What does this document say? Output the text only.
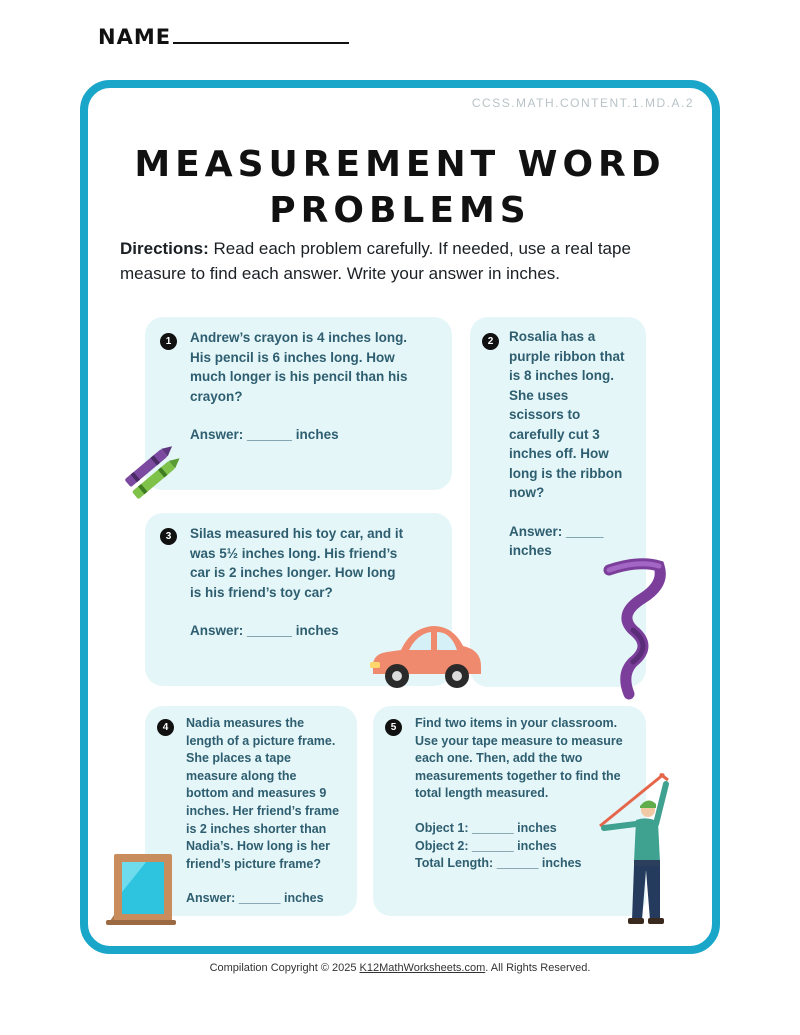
NAME
CCSS.MATH.CONTENT.1.MD.A.2
MEASUREMENT WORD
PROBLEMS
Directions: Read each problem carefully. If needed, use a real tape measure to find each answer. Write your answer in inches.
1	Andrew’s crayon is 4 inches long.
His pencil is 6 inches long. How
much longer is his pencil than his
crayon?
Answer: ______ inches
2	Rosalia has a
purple ribbon that
is 8 inches long.
She uses
scissors to
carefully cut 3
inches off. How
long is the ribbon
now?
Answer: _____
inches
3	Silas measured his toy car, and it
was 5½ inches long. His friend’s
car is 2 inches longer. How long
is his friend’s toy car?
Answer: ______ inches
4	Nadia measures the
length of a picture frame.
She places a tape
measure along the
bottom and measures 9
inches. Her friend’s frame
is 2 inches shorter than
Nadia’s. How long is her
friend’s picture frame?
Answer: ______ inches
5	Find two items in your classroom.
Use your tape measure to measure
each one. Then, add the two
measurements together to find the
total length measured.
Object 1: ______ inches
Object 2: ______ inches
Total Length: ______ inches
Compilation Copyright © 2025 K12MathWorksheets.com. All Rights Reserved.
